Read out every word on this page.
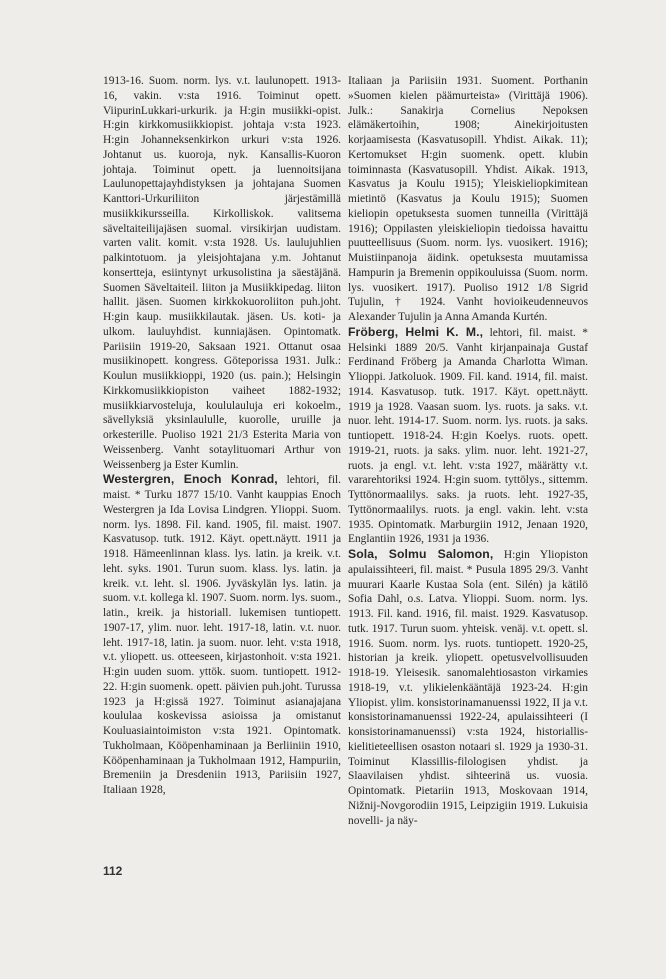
1913-16. Suom. norm. lys. v.t. laulunopett. 1913-16, vakin. v:sta 1916. Toiminut opett. ViipurinLukkari-urkurik. ja H:gin musiikki-opist. H:gin kirkkomusiikkiopist. johtaja v:sta 1923. H:gin Johanneksenkirkon urkuri v:sta 1926. Johtanut us. kuoroja, nyk. Kansallis-Kuoron johtaja. Toiminut opett. ja luennoitsijana Laulunopettajayhdistyksen ja johtajana Suomen Kanttori-Urkuriliiton järjestämillä musiikkikursseilla. Kirkolliskok. valitsema säveltaiteilijajäsen suomal. virsikirjan uudistam. varten valit. komit. v:sta 1928. Us. laulujuhlien palkintotuom. ja yleisjohtajana y.m. Johtanut konsertteja, esiintynyt urkusolistina ja säestäjänä. Suomen Säveltaiteil. liiton ja Musiikkipedag. liiton hallit. jäsen. Suomen kirkkokuoroliiton puh.joht. H:gin kaup. musiikkilautak. jäsen. Us. koti- ja ulkom. lauluyhdist. kunniajäsen. Opintomatk. Pariisiin 1919-20, Saksaan 1921. Ottanut osaa musiikinopett. kongress. Göteporissa 1931. Julk.: Koulun musiikkioppi, 1920 (us. pain.); Helsingin Kirkkomusiikkiopiston vaiheet 1882-1932; musiikkiarvosteluja, koululauluja eri kokoelm., sävellyksiä yksinlaululle, kuorolle, uruille ja orkesterille. Puoliso 1921 21/3 Esterita Maria von Weissenberg. Vanht sotaylituomari Arthur von Weissenberg ja Ester Kumlin.

Westergren, Enoch Konrad, lehtori, fil. maist. * Turku 1877 15/10. Vanht kauppias Enoch Westergren ja Ida Lovisa Lindgren. Ylioppi. Suom. norm. lys. 1898. Fil. kand. 1905, fil. maist. 1907. Kasvatusop. tutk. 1912. Käyt. opett.näytt. 1911 ja 1918. Hämeenlinnan klass. lys. latin. ja kreik. v.t. leht. syks. 1901. Turun suom. klass. lys. latin. ja kreik. v.t. leht. sl. 1906. Jyväskylän lys. latin. ja suom. v.t. kollega kl. 1907. Suom. norm. lys. suom., latin., kreik. ja historiall. lukemisen tuntiopett. 1907-17, ylim. nuor. leht. 1917-18, latin. v.t. nuor. leht. 1917-18, latin. ja suom. nuor. leht. v:sta 1918, v.t. yliopett. us. otteeseen, kirjastonhoit. v:sta 1921. H:gin uuden suom. yttök. suom. tuntiopett. 1912-22. H:gin suomenk. opett. päivien puh.joht. Turussa 1923 ja H:gissä 1927. Toiminut asianajajana koululaa koskevissa asioissa ja omistanut Kouluasiaintoimiston v:sta 1921. Opintomatk. Tukholmaan, Kööpenhaminaan ja Berliiniin 1910, Kööpenhaminaan ja Tukholmaan 1912, Hampuriin, Bremeniin ja Dresdeniin 1913, Pariisiin 1927, Italiaan 1928,

Italiaan ja Pariisiin 1931. Suoment. Porthanin »Suomen kielen päämurteista» (Virittäjä 1906). Julk.: Sanakirja Cornelius Nepoksen elämäkertoihin, 1908; Ainekirjoitusten korjaamisesta (Kasvatusopill. Yhdist. Aikak. 11); Kertomukset H:gin suomenk. opett. klubin toiminnasta (Kasvatusopill. Yhdist. Aikak. 1913, Kasvatus ja Koulu 1915); Yleiskieliopkimitean mietintö (Kasvatus ja Koulu 1915); Suomen kieliopin opetuksesta suomen tunneilla (Virittäjä 1916); Oppilasten yleiskieliopin tiedoissa havaittu puutteellisuus (Suom. norm. lys. vuosikert. 1916); Muistiinpanoja äidink. opetuksesta muutamissa Hampurin ja Bremenin oppikouluissa (Suom. norm. lys. vuosikert. 1917). Puoliso 1912 1/8 Sigrid Tujulin, † 1924. Vanht hovioikeudenneuvos Alexander Tujulin ja Anna Amanda Kurtén.

Fröberg, Helmi K. M., lehtori, fil. maist. * Helsinki 1889 20/5. Vanht kirjanpainaja Gustaf Ferdinand Fröberg ja Amanda Charlotta Wiman. Ylioppi. Jatkoluok. 1909. Fil. kand. 1914, fil. maist. 1914. Kasvatusop. tutk. 1917. Käyt. opett.näytt. 1919 ja 1928. Vaasan suom. lys. ruots. ja saks. v.t. nuor. leht. 1914-17. Suom. norm. lys. ruots. ja saks. tuntiopett. 1918-24. H:gin Koelys. ruots. opett. 1919-21, ruots. ja saks. ylim. nuor. leht. 1921-27, ruots. ja engl. v.t. leht. v:sta 1927, määrätty v.t. vararehtoriksi 1924. H:gin suom. tyttölys., sittemm. Tyttönormaalilys. saks. ja ruots. leht. 1927-35, Tyttönormaalilys. ruots. ja engl. vakin. leht. v:sta 1935. Opintomatk. Marburgiin 1912, Jenaan 1920, Englantiin 1926, 1931 ja 1936.

Sola, Solmu Salomon, H:gin Yliopiston apulaissihteeri, fil. maist. * Pusula 1895 29/3. Vanht muurari Kaarle Kustaa Sola (ent. Silén) ja kätilö Sofia Dahl, o.s. Latva. Ylioppi. Suom. norm. lys. 1913. Fil. kand. 1916, fil. maist. 1929. Kasvatusop. tutk. 1917. Turun suom. yhteisk. venäj. v.t. opett. sl. 1916. Suom. norm. lys. ruots. tuntiopett. 1920-25, historian ja kreik. yliopett. opetusvelvollisuuden 1918-19. Yleisesik. sanomalehtiosaston virkamies 1918-19, v.t. ylikielenkääntäjä 1923-24. H:gin Yliopist. ylim. konsistorinamanuenssi 1922, II ja v.t. konsistorinamanuenssi 1922-24, apulaissihteeri (I konsistorinamanuenssi) v:sta 1924, historiallis-kielitieteellisen osaston notaari sl. 1929 ja 1930-31. Toiminut Klassillis-filologisen yhdist. ja Slaavilaisen yhdist. sihteerinä us. vuosia. Opintomatk. Pietariin 1913, Moskovaan 1914, Nižnij-Novgorodiin 1915, Leipzigiin 1919. Lukuisia novelli- ja näy-

112
